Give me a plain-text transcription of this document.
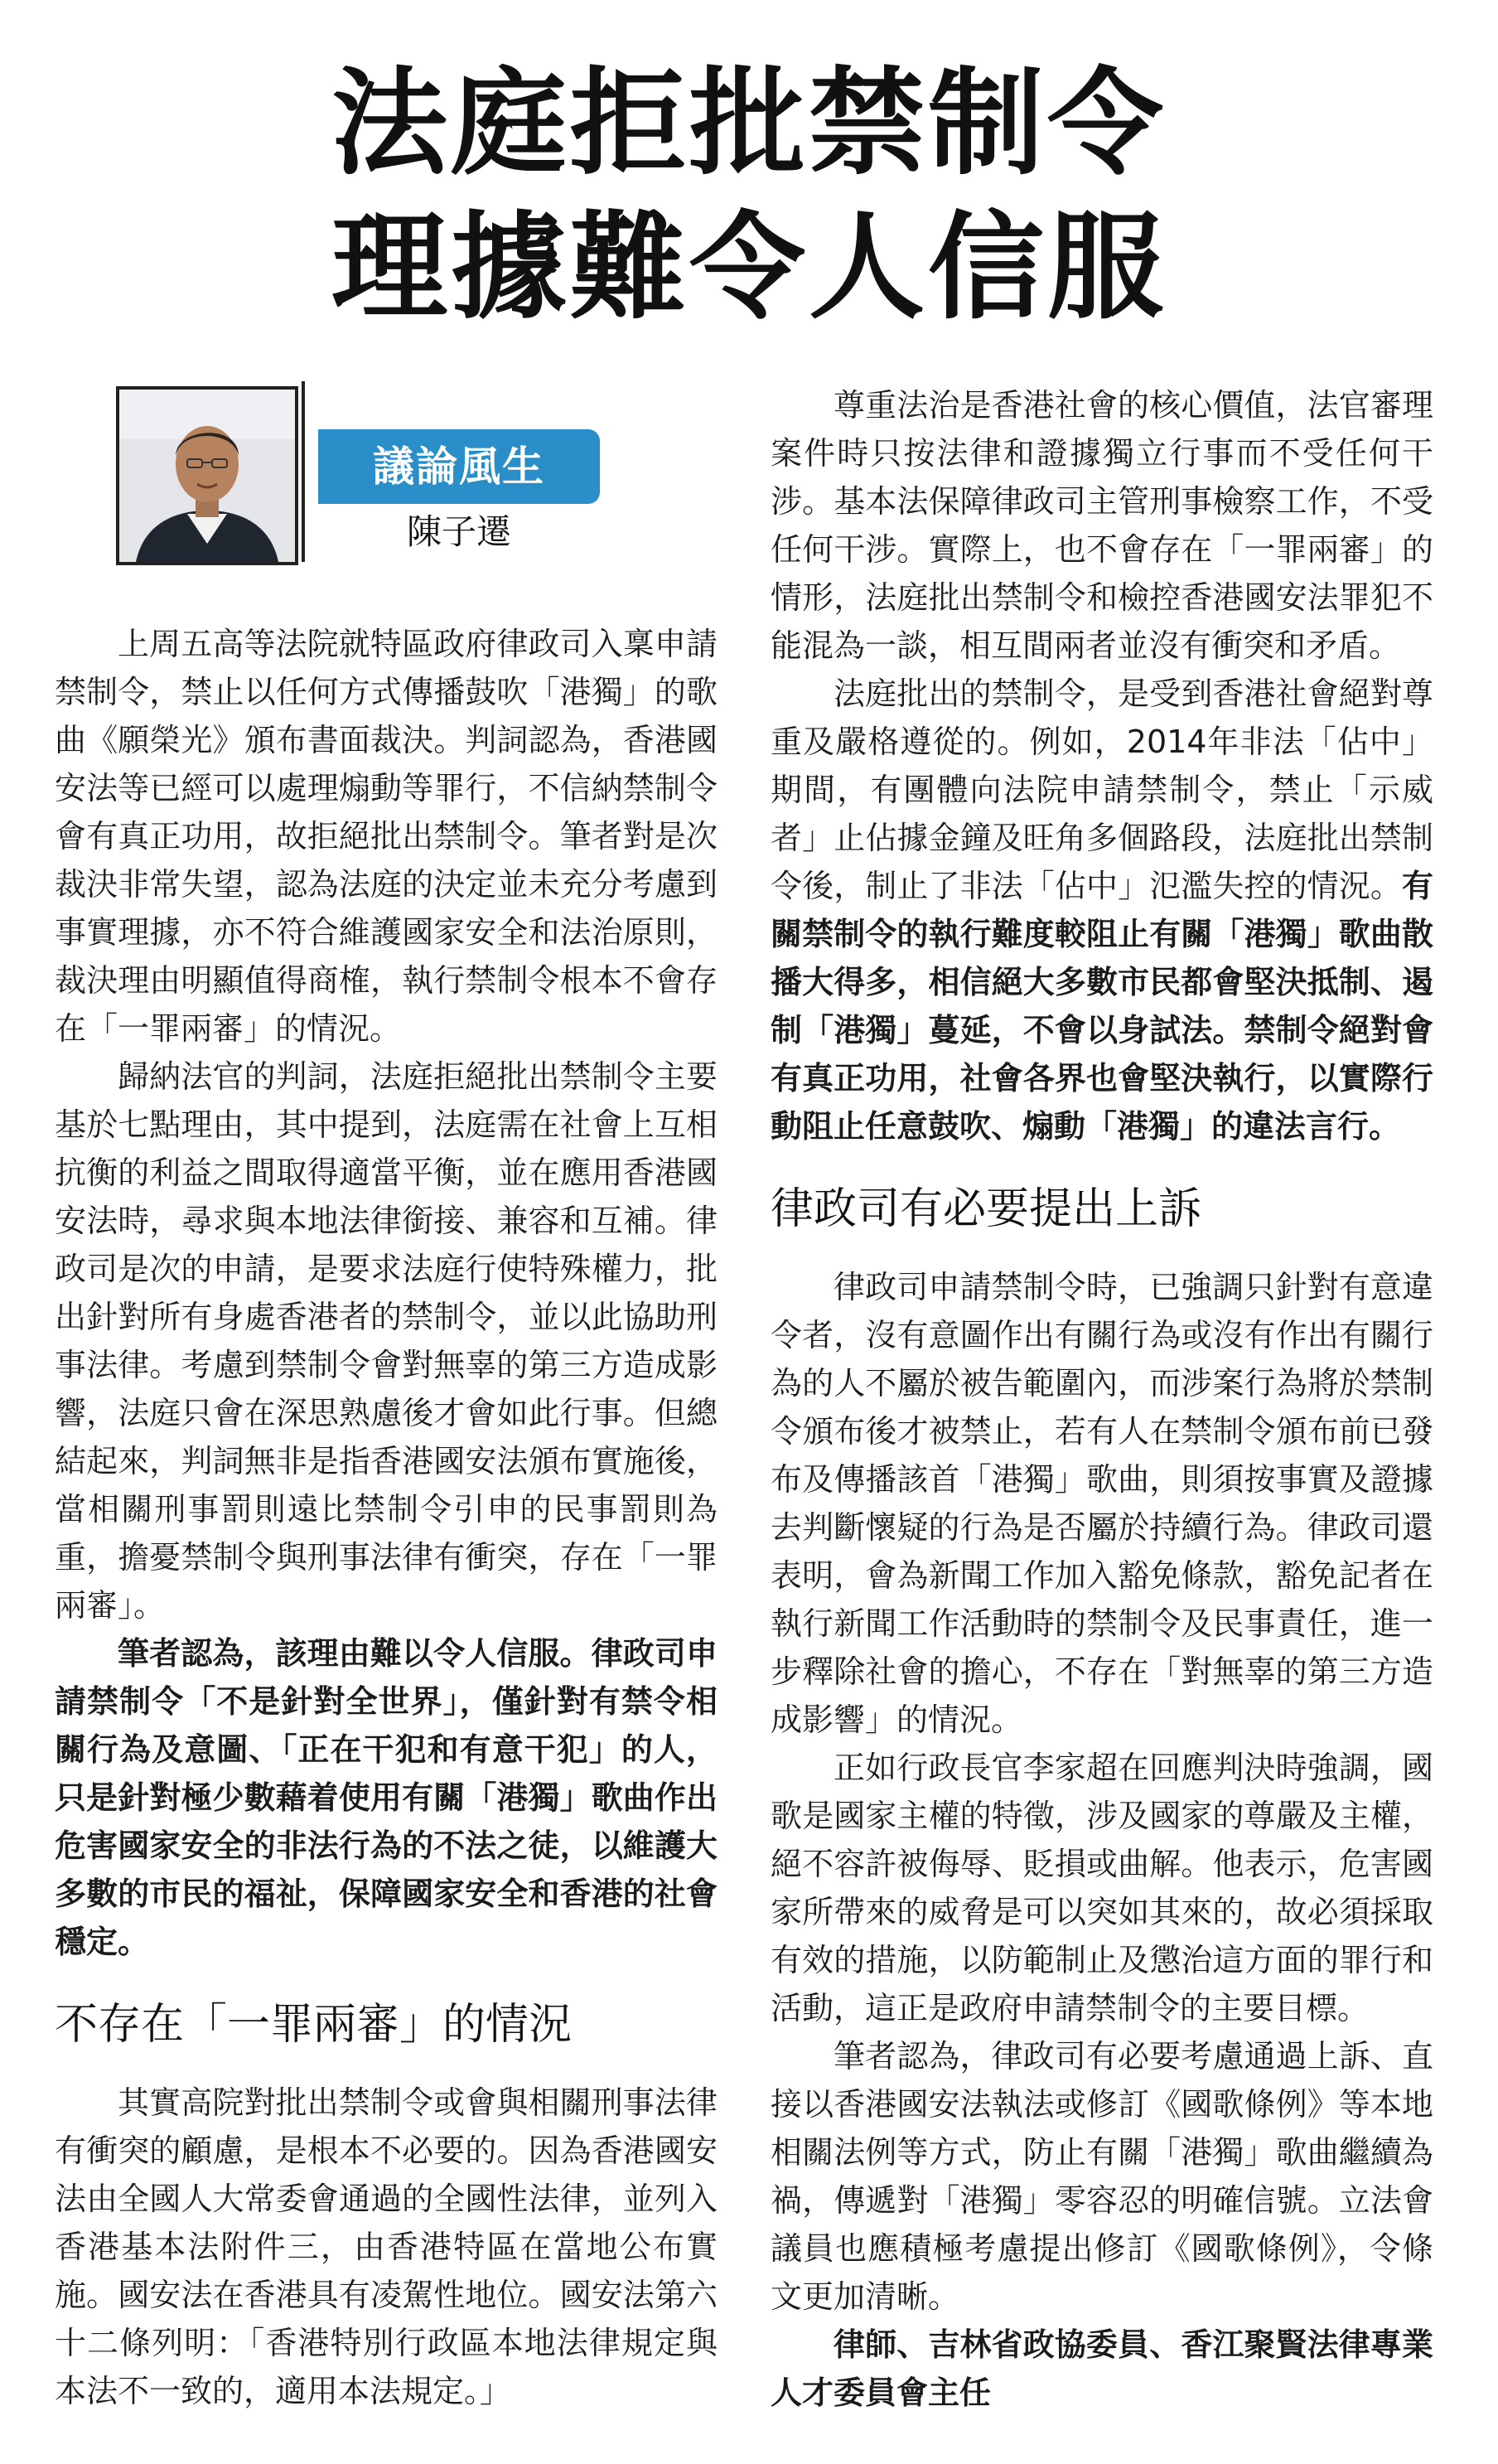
法庭拒批禁制令
理據難令人信服
議論風生
陳子遷

上周五高等法院就特區政府律政司入稟申請禁制令，禁止以任何方式傳播鼓吹「港獨」的歌曲《願榮光》頒布書面裁決。判詞認為，香港國安法等已經可以處理煽動等罪行，不信納禁制令會有真正功用，故拒絕批出禁制令。筆者對是次裁決非常失望，認為法庭的決定並未充分考慮到事實理據，亦不符合維護國家安全和法治原則，裁決理由明顯值得商榷，執行禁制令根本不會存在「一罪兩審」的情況。

歸納法官的判詞，法庭拒絕批出禁制令主要基於七點理由，其中提到，法庭需在社會上互相抗衡的利益之間取得適當平衡，並在應用香港國安法時，尋求與本地法律銜接、兼容和互補。律政司是次的申請，是要求法庭行使特殊權力，批出針對所有身處香港者的禁制令，並以此協助刑事法律。考慮到禁制令會對無辜的第三方造成影響，法庭只會在深思熟慮後才會如此行事。但總結起來，判詞無非是指香港國安法頒布實施後，當相關刑事罰則遠比禁制令引申的民事罰則為重，擔憂禁制令與刑事法律有衝突，存在「一罪兩審」。

筆者認為，該理由難以令人信服。律政司申請禁制令「不是針對全世界」，僅針對有禁令相關行為及意圖、「正在干犯和有意干犯」的人，只是針對極少數藉着使用有關「港獨」歌曲作出危害國家安全的非法行為的不法之徒，以維護大多數的市民的福祉，保障國家安全和香港的社會穩定。

不存在「一罪兩審」的情況

其實高院對批出禁制令或會與相關刑事法律有衝突的顧慮，是根本不必要的。因為香港國安法由全國人大常委會通過的全國性法律，並列入香港基本法附件三，由香港特區在當地公布實施。國安法在香港具有凌駕性地位。國安法第六十二條列明：「香港特別行政區本地法律規定與本法不一致的，適用本法規定。」

尊重法治是香港社會的核心價值，法官審理案件時只按法律和證據獨立行事而不受任何干涉。基本法保障律政司主管刑事檢察工作，不受任何干涉。實際上，也不會存在「一罪兩審」的情形，法庭批出禁制令和檢控香港國安法罪犯不能混為一談，相互間兩者並沒有衝突和矛盾。

法庭批出的禁制令，是受到香港社會絕對尊重及嚴格遵從的。例如，2014年非法「佔中」期間，有團體向法院申請禁制令，禁止「示威者」止佔據金鐘及旺角多個路段，法庭批出禁制令後，制止了非法「佔中」氾濫失控的情況。有關禁制令的執行難度較阻止有關「港獨」歌曲散播大得多，相信絕大多數市民都會堅決抵制、遏制「港獨」蔓延，不會以身試法。禁制令絕對會有真正功用，社會各界也會堅決執行，以實際行動阻止任意鼓吹、煽動「港獨」的違法言行。

律政司有必要提出上訴

律政司申請禁制令時，已強調只針對有意違令者，沒有意圖作出有關行為或沒有作出有關行為的人不屬於被告範圍內，而涉案行為將於禁制令頒布後才被禁止，若有人在禁制令頒布前已發布及傳播該首「港獨」歌曲，則須按事實及證據去判斷懷疑的行為是否屬於持續行為。律政司還表明，會為新聞工作加入豁免條款，豁免記者在執行新聞工作活動時的禁制令及民事責任，進一步釋除社會的擔心，不存在「對無辜的第三方造成影響」的情況。

正如行政長官李家超在回應判決時強調，國歌是國家主權的特徵，涉及國家的尊嚴及主權，絕不容許被侮辱、貶損或曲解。他表示，危害國家所帶來的威脅是可以突如其來的，故必須採取有效的措施，以防範制止及懲治這方面的罪行和活動，這正是政府申請禁制令的主要目標。

筆者認為，律政司有必要考慮通過上訴、直接以香港國安法執法或修訂《國歌條例》等本地相關法例等方式，防止有關「港獨」歌曲繼續為禍，傳遞對「港獨」零容忍的明確信號。立法會議員也應積極考慮提出修訂《國歌條例》，令條文更加清晰。

律師、吉林省政協委員、香江聚賢法律專業人才委員會主任
